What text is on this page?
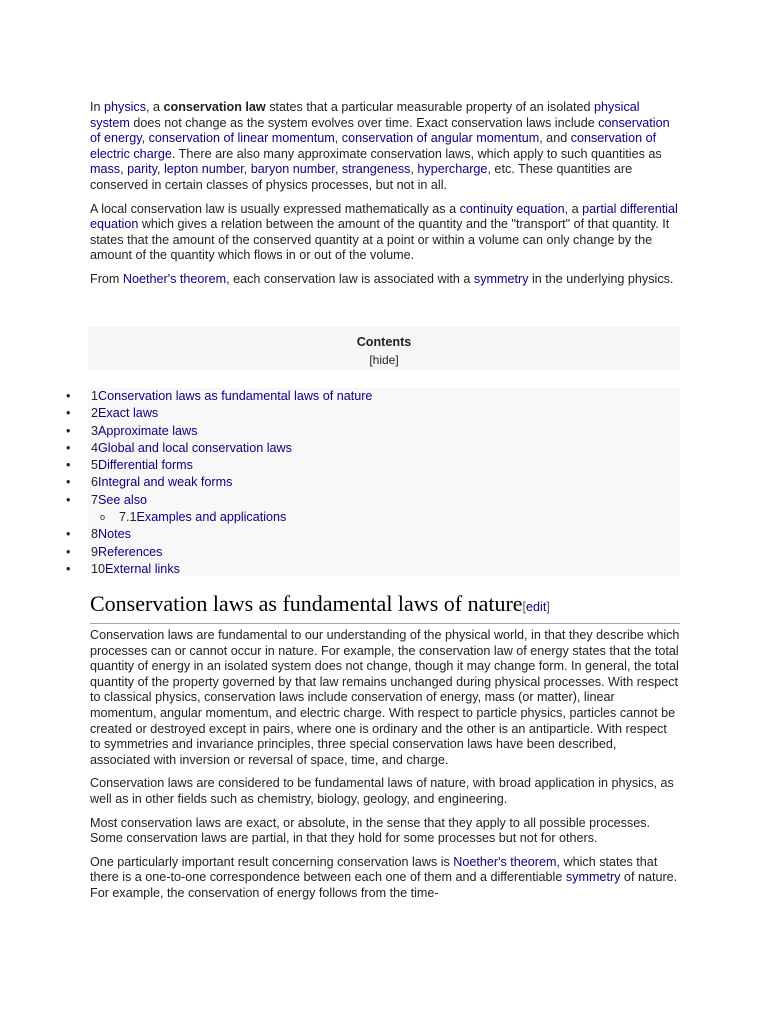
In physics, a conservation law states that a particular measurable property of an isolated physical system does not change as the system evolves over time. Exact conservation laws include conservation of energy, conservation of linear momentum, conservation of angular momentum, and conservation of electric charge. There are also many approximate conservation laws, which apply to such quantities as mass, parity, lepton number, baryon number, strangeness, hypercharge, etc. These quantities are conserved in certain classes of physics processes, but not in all.

A local conservation law is usually expressed mathematically as a continuity equation, a partial differential equation which gives a relation between the amount of the quantity and the "transport" of that quantity. It states that the amount of the conserved quantity at a point or within a volume can only change by the amount of the quantity which flows in or out of the volume.

From Noether's theorem, each conservation law is associated with a symmetry in the underlying physics.

Contents
[hide]
• 1Conservation laws as fundamental laws of nature
• 2Exact laws
• 3Approximate laws
• 4Global and local conservation laws
• 5Differential forms
• 6Integral and weak forms
• 7See also
o 7.1Examples and applications
• 8Notes
• 9References
• 10External links
Conservation laws as fundamental laws of nature[edit]

Conservation laws are fundamental to our understanding of the physical world, in that they describe which processes can or cannot occur in nature. For example, the conservation law of energy states that the total quantity of energy in an isolated system does not change, though it may change form. In general, the total quantity of the property governed by that law remains unchanged during physical processes. With respect to classical physics, conservation laws include conservation of energy, mass (or matter), linear momentum, angular momentum, and electric charge. With respect to particle physics, particles cannot be created or destroyed except in pairs, where one is ordinary and the other is an antiparticle. With respect to symmetries and invariance principles, three special conservation laws have been described, associated with inversion or reversal of space, time, and charge.

Conservation laws are considered to be fundamental laws of nature, with broad application in physics, as well as in other fields such as chemistry, biology, geology, and engineering.

Most conservation laws are exact, or absolute, in the sense that they apply to all possible processes. Some conservation laws are partial, in that they hold for some processes but not for others.

One particularly important result concerning conservation laws is Noether's theorem, which states that there is a one-to-one correspondence between each one of them and a differentiable symmetry of nature. For example, the conservation of energy follows from the time-
